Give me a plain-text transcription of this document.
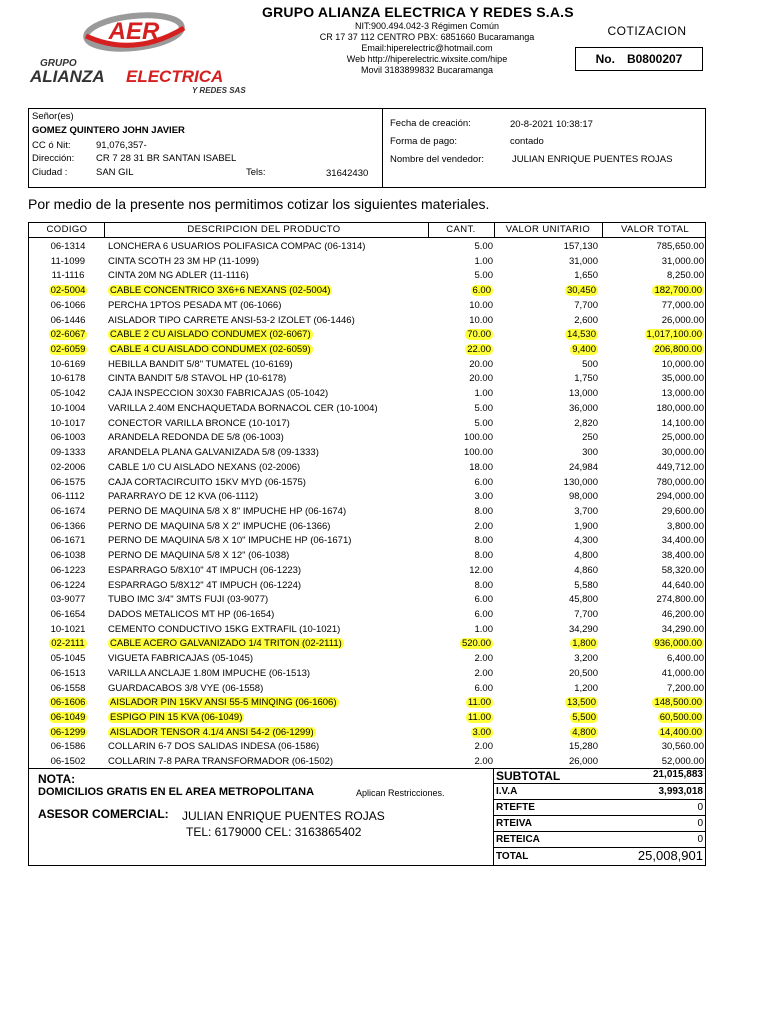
AER
GRUPO
ALIANZA ELECTRICA
Y REDES SAS
GRUPO ALIANZA ELECTRICA Y REDES S.A.S
NIT:900.494.042-3 Régimen Común
CR 17 37 112 CENTRO PBX: 6851660 Bucaramanga
Email:hiperelectric@hotmail.com
Web http://hiperelectric.wixsite.com/hipe
Movil 3183899832 Bucaramanga
COTIZACION
No. B0800207
Señor(es)
GOMEZ QUINTERO JOHN JAVIER
CC ó Nit:	91,076,357-
Dirección: CR 7 28 31 BR SANTAN ISABEL
Ciudad :	SAN GIL	Tels:	31642430
Fecha de creación:	20-8-2021 10:38:17
Forma de pago:	contado
Nombre del vendedor:	JULIAN ENRIQUE PUENTES ROJAS
Por medio de la presente nos permitimos cotizar los siguientes materiales.
CODIGO	DESCRIPCION DEL PRODUCTO	CANT.	VALOR UNITARIO	VALOR TOTAL
06-1314	LONCHERA 6 USUARIOS POLIFASICA COMPAC (06-1314)	5.00	157,130	785,650.00
11-1099	CINTA SCOTH 23 3M HP (11-1099)	1.00	31,000	31,000.00
11-1116	CINTA 20M NG ADLER (11-1116)	5.00	1,650	8,250.00
02-5004	CABLE CONCENTRICO 3X6+6 NEXANS (02-5004)	6.00	30,450	182,700.00
06-1066	PERCHA 1PTOS PESADA MT (06-1066)	10.00	7,700	77,000.00
06-1446	AISLADOR TIPO CARRETE ANSI-53-2 IZOLET (06-1446)	10.00	2,600	26,000.00
02-6067	CABLE 2 CU AISLADO CONDUMEX (02-6067)	70.00	14,530	1,017,100.00
02-6059	CABLE 4 CU AISLADO CONDUMEX (02-6059)	22.00	9,400	206,800.00
10-6169	HEBILLA BANDIT 5/8" TUMATEL (10-6169)	20.00	500	10,000.00
10-6178	CINTA BANDIT 5/8 STAVOL HP (10-6178)	20.00	1,750	35,000.00
05-1042	CAJA INSPECCION 30X30 FABRICAJAS (05-1042)	1.00	13,000	13,000.00
10-1004	VARILLA 2.40M ENCHAQUETADA BORNACOL CER (10-1004)	5.00	36,000	180,000.00
10-1017	CONECTOR VARILLA BRONCE (10-1017)	5.00	2,820	14,100.00
06-1003	ARANDELA REDONDA DE 5/8 (06-1003)	100.00	250	25,000.00
09-1333	ARANDELA PLANA GALVANIZADA 5/8 (09-1333)	100.00	300	30,000.00
02-2006	CABLE 1/0 CU AISLADO NEXANS (02-2006)	18.00	24,984	449,712.00
06-1575	CAJA CORTACIRCUITO 15KV MYD (06-1575)	6.00	130,000	780,000.00
06-1112	PARARRAYO DE 12 KVA (06-1112)	3.00	98,000	294,000.00
06-1674	PERNO DE MAQUINA 5/8 X 8" IMPUCHE HP (06-1674)	8.00	3,700	29,600.00
06-1366	PERNO DE MAQUINA 5/8 X 2" IMPUCHE (06-1366)	2.00	1,900	3,800.00
06-1671	PERNO DE MAQUINA 5/8 X 10" IMPUCHE HP (06-1671)	8.00	4,300	34,400.00
06-1038	PERNO DE MAQUINA 5/8 X 12" (06-1038)	8.00	4,800	38,400.00
06-1223	ESPARRAGO 5/8X10" 4T IMPUCH (06-1223)	12.00	4,860	58,320.00
06-1224	ESPARRAGO 5/8X12" 4T IMPUCH (06-1224)	8.00	5,580	44,640.00
03-9077	TUBO IMC 3/4" 3MTS FUJI (03-9077)	6.00	45,800	274,800.00
06-1654	DADOS METALICOS MT HP (06-1654)	6.00	7,700	46,200.00
10-1021	CEMENTO CONDUCTIVO 15KG EXTRAFIL (10-1021)	1.00	34,290	34,290.00
02-2111	CABLE ACERO GALVANIZADO 1/4 TRITON (02-2111)	520.00	1,800	936,000.00
05-1045	VIGUETA FABRICAJAS (05-1045)	2.00	3,200	6,400.00
06-1513	VARILLA ANCLAJE 1.80M IMPUCHE (06-1513)	2.00	20,500	41,000.00
06-1558	GUARDACABOS 3/8 VYE (06-1558)	6.00	1,200	7,200.00
06-1606	AISLADOR PIN 15KV ANSI 55-5 MINQING (06-1606)	11.00	13,500	148,500.00
06-1049	ESPIGO PIN 15 KVA (06-1049)	11.00	5,500	60,500.00
06-1299	AISLADOR TENSOR 4.1/4 ANSI 54-2 (06-1299)	3.00	4,800	14,400.00
06-1586	COLLARIN 6-7 DOS SALIDAS INDESA (06-1586)	2.00	15,280	30,560.00
06-1502	COLLARIN 7-8 PARA TRANSFORMADOR (06-1502)	2.00	26,000	52,000.00
NOTA:
DOMICILIOS GRATIS EN EL AREA METROPOLITANA	Aplican Restricciones.
ASESOR COMERCIAL: JULIAN ENRIQUE PUENTES ROJAS
TEL: 6179000 CEL: 3163865402
SUBTOTAL	21,015,883
I.V.A	3,993,018
RTEFTE	0
RTEIVA	0
RETEICA	0
TOTAL	25,008,901
